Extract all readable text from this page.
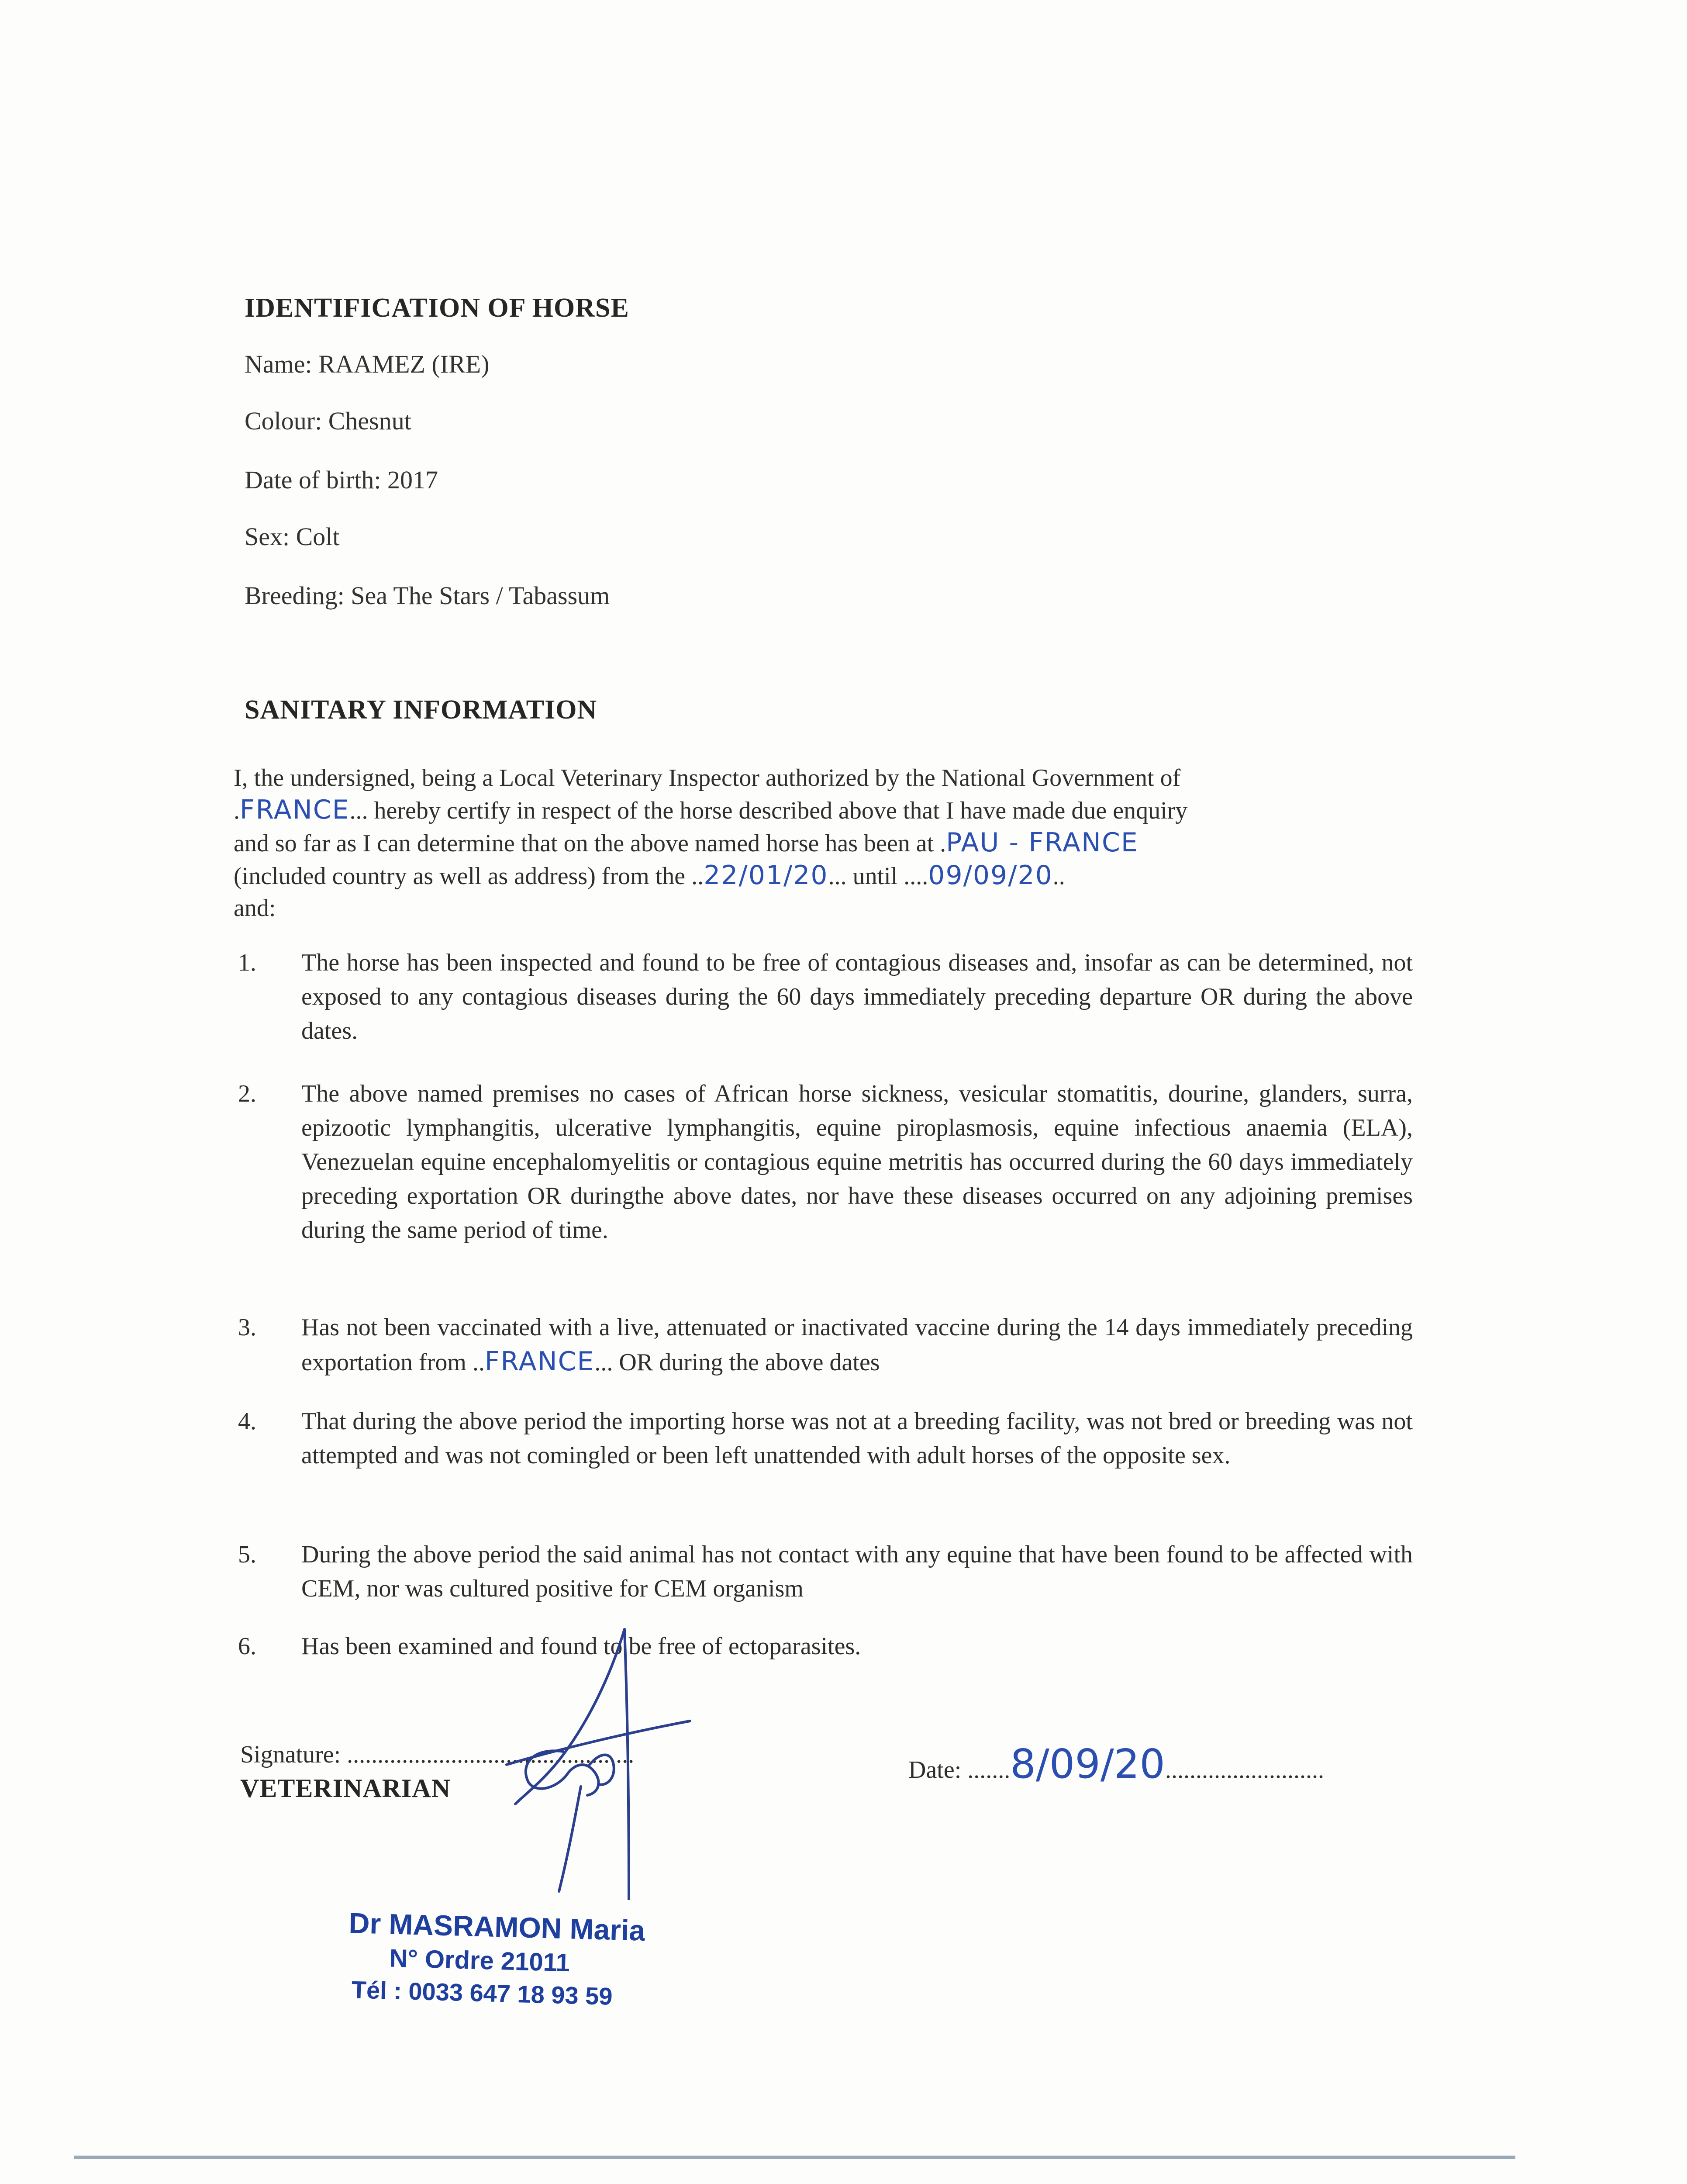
IDENTIFICATION OF HORSE
Name: RAAMEZ (IRE)
Colour: Chesnut
Date of birth: 2017
Sex: Colt
Breeding: Sea The Stars / Tabassum
SANITARY INFORMATION
I, the undersigned, being a Local Veterinary Inspector authorized by the National Government of
.FRANCE... hereby certify in respect of the horse described above that I have made due enquiry
and so far as I can determine that on the above named horse has been at .PAU - FRANCE
(included country as well as address) from the ..22/01/20... until ....09/09/20..
and:
1.	The horse has been inspected and found to be free of contagious diseases and, insofar as can be determined, not exposed to any contagious diseases during the 60 days immediately preceding departure OR during the above dates.
2.	The above named premises no cases of African horse sickness, vesicular stomatitis, dourine, glanders, surra, epizootic lymphangitis, ulcerative lymphangitis, equine piroplasmosis, equine infectious anaemia (ELA), Venezuelan equine encephalomyelitis or contagious equine metritis has occurred during the 60 days immediately preceding exportation OR duringthe above dates, nor have these diseases occurred on any adjoining premises during the same period of time.
3.	Has not been vaccinated with a live, attenuated or inactivated vaccine during the 14 days immediately preceding exportation from ..FRANCE... OR during the above dates
4.	That during the above period the importing horse was not at a breeding facility, was not bred or breeding was not attempted and was not comingled or been left unattended with adult horses of the opposite sex.
5.	During the above period the said animal has not contact with any equine that have been found to be affected with CEM, nor was cultured positive for CEM organism
6.	Has been examined and found to be free of ectoparasites.
Signature: ...............................................
VETERINARIAN
Date: .......8/09/20..........................
Dr MASRAMON Maria
N° Ordre 21011
Tél : 0033 647 18 93 59
